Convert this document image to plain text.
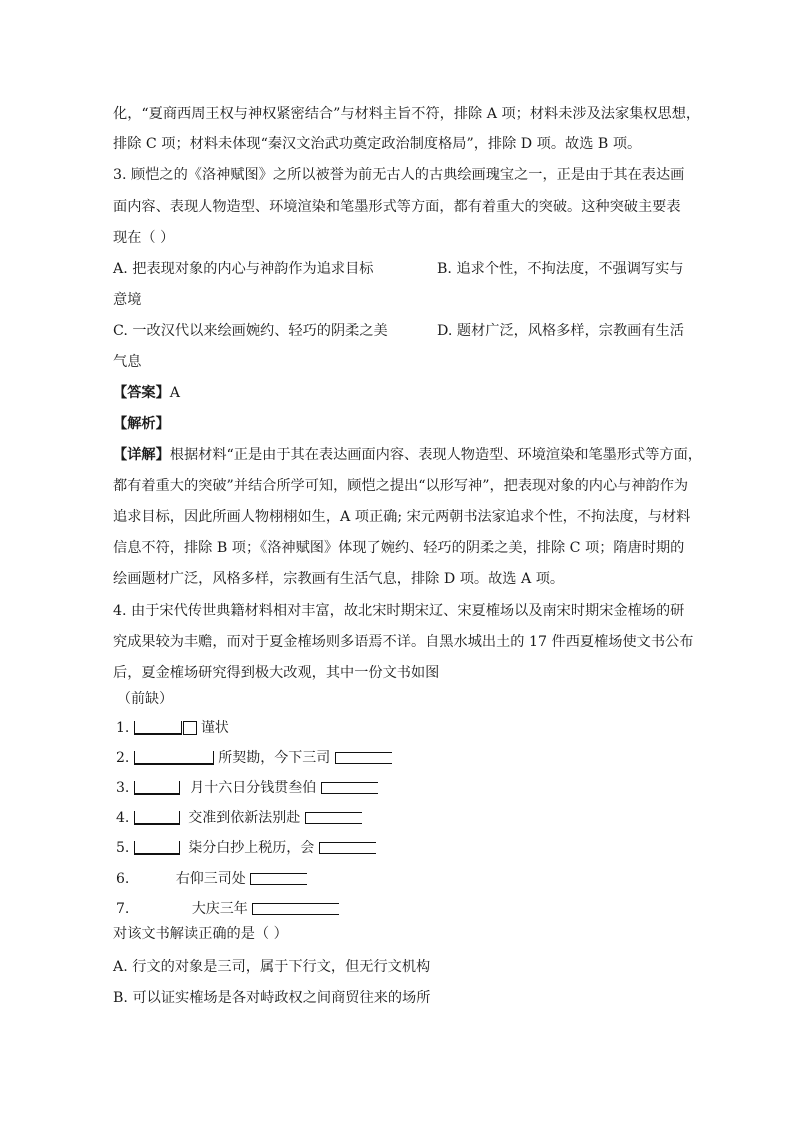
化，“夏商西周王权与神权紧密结合”与材料主旨不符，排除 A 项；材料未涉及法家集权思想，
排除 C 项；材料未体现“秦汉文治武功奠定政治制度格局”，排除 D 项。故选 B 项。
3. 顾恺之的《洛神赋图》之所以被誉为前无古人的古典绘画瑰宝之一，正是由于其在表达画
面内容、表现人物造型、环境渲染和笔墨形式等方面，都有着重大的突破。这种突破主要表
现在（ ）
A. 把表现对象的内心与神韵作为追求目标	B. 追求个性，不拘法度，不强调写实与
意境
C. 一改汉代以来绘画婉约、轻巧的阴柔之美	D. 题材广泛，风格多样，宗教画有生活
气息
【答案】A
【解析】
【详解】根据材料“正是由于其在表达画面内容、表现人物造型、环境渲染和笔墨形式等方面，
都有着重大的突破”并结合所学可知，顾恺之提出“以形写神”，把表现对象的内心与神韵作为
追求目标，因此所画人物栩栩如生，A 项正确; 宋元两朝书法家追求个性，不拘法度，与材料
信息不符，排除 B 项；《洛神赋图》体现了婉约、轻巧的阴柔之美，排除 C 项；隋唐时期的
绘画题材广泛，风格多样，宗教画有生活气息，排除 D 项。故选 A 项。
4. 由于宋代传世典籍材料相对丰富，故北宋时期宋辽、宋夏榷场以及南宋时期宋金榷场的研
究成果较为丰赡，而对于夏金榷场则多语焉不详。自黑水城出土的 17 件西夏榷场使文书公布
后，夏金榷场研究得到极大改观，其中一份文书如图
（前缺）
1.	谨状
2.	所契勘，今下三司
3.	月十六日分钱贯叁伯
4.	交准到依新法别赴
5.	柒分白抄上税历，会
6.	右仰三司处
7.	大庆三年
对该文书解读正确的是（ ）
A. 行文的对象是三司，属于下行文，但无行文机构
B. 可以证实榷场是各对峙政权之间商贸往来的场所
